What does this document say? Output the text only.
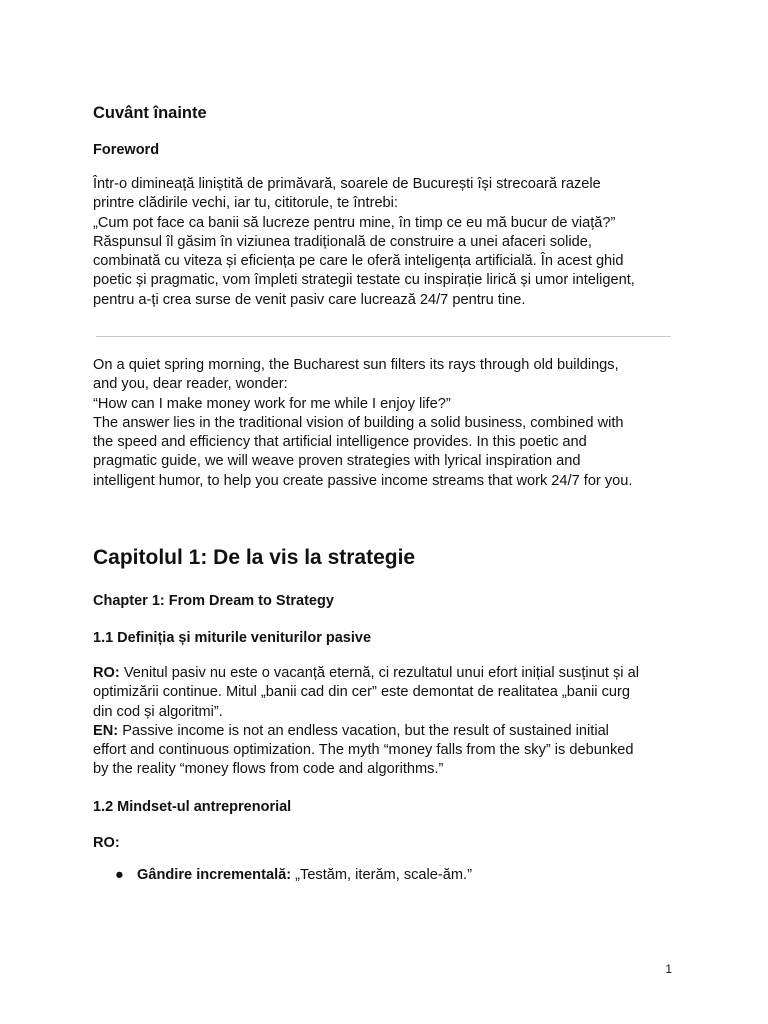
Cuvânt înainte
Foreword
Într-o dimineață liniștită de primăvară, soarele de București își strecoară razele
printre clădirile vechi, iar tu, cititorule, te întrebi:
„Cum pot face ca banii să lucreze pentru mine, în timp ce eu mă bucur de viață?”
Răspunsul îl găsim în viziunea tradițională de construire a unei afaceri solide,
combinată cu viteza și eficiența pe care le oferă inteligența artificială. În acest ghid
poetic și pragmatic, vom împleti strategii testate cu inspirație lirică și umor inteligent,
pentru a-ți crea surse de venit pasiv care lucrează 24/7 pentru tine.
On a quiet spring morning, the Bucharest sun filters its rays through old buildings,
and you, dear reader, wonder:
“How can I make money work for me while I enjoy life?”
The answer lies in the traditional vision of building a solid business, combined with
the speed and efficiency that artificial intelligence provides. In this poetic and
pragmatic guide, we will weave proven strategies with lyrical inspiration and
intelligent humor, to help you create passive income streams that work 24/7 for you.
Capitolul 1: De la vis la strategie
Chapter 1: From Dream to Strategy
1.1 Definiția și miturile veniturilor pasive
RO: Venitul pasiv nu este o vacanță eternă, ci rezultatul unui efort inițial susținut și al
optimizării continue. Mitul „banii cad din cer” este demontat de realitatea „banii curg
din cod și algoritmi”.
EN: Passive income is not an endless vacation, but the result of sustained initial
effort and continuous optimization. The myth “money falls from the sky” is debunked
by the reality “money flows from code and algorithms.”
1.2 Mindset-ul antreprenorial
RO:
● Gândire incrementală: „Testăm, iterăm, scale-ăm.”
1
